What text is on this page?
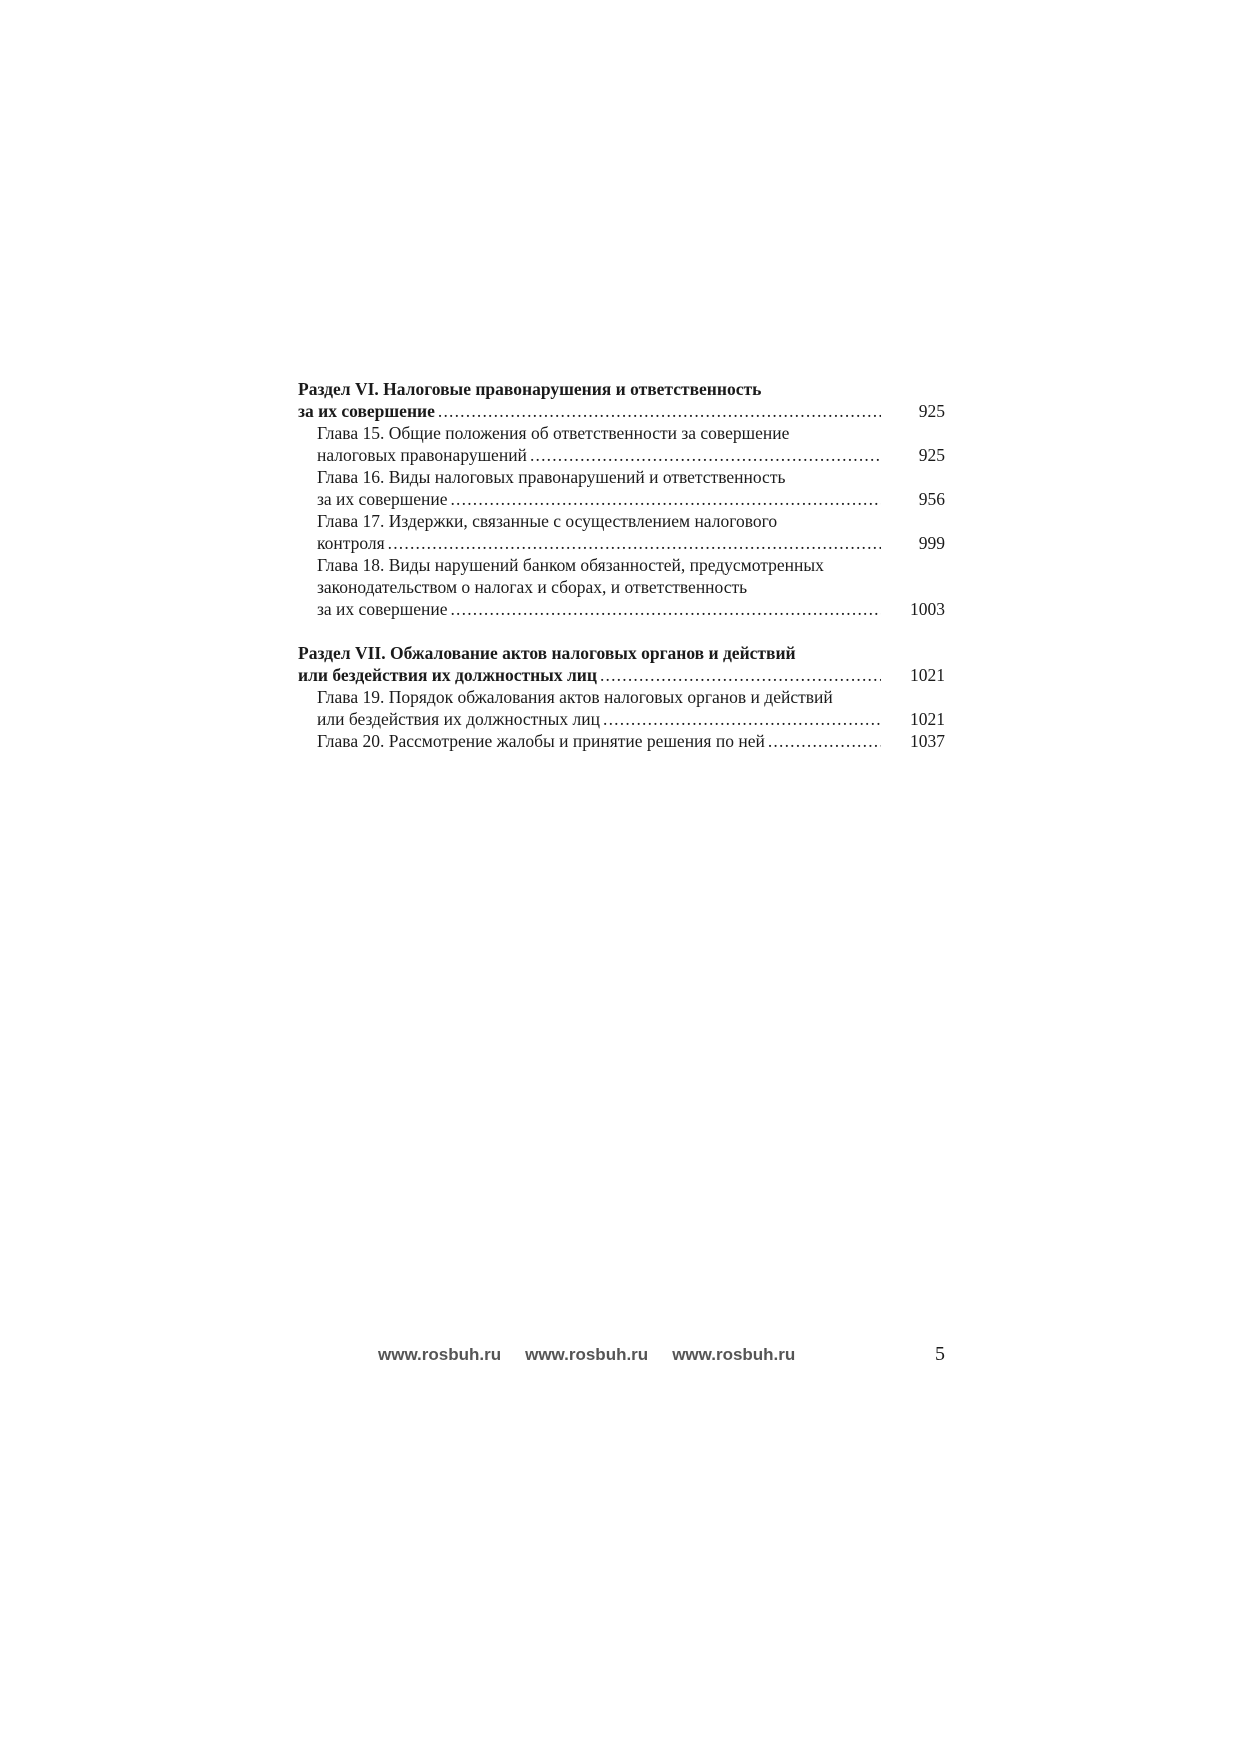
Раздел VI. Налоговые правонарушения и ответственность
за их совершение .....	925
Глава 15. Общие положения об ответственности за совершение
налоговых правонарушений .....	925
Глава 16. Виды налоговых правонарушений и ответственность
за их совершение .....	956
Глава 17. Издержки, связанные с осуществлением налогового
контроля .....	999
Глава 18. Виды нарушений банком обязанностей, предусмотренных
законодательством о налогах и сборах, и ответственность
за их совершение .....	1003
Раздел VII. Обжалование актов налоговых органов и действий
или бездействия их должностных лиц .....	1021
Глава 19. Порядок обжалования актов налоговых органов и действий
или бездействия их должностных лиц .....	1021
Глава 20. Рассмотрение жалобы и принятие решения по ней .....	1037
www.rosbuh.ru www.rosbuh.ru www.rosbuh.ru	5
